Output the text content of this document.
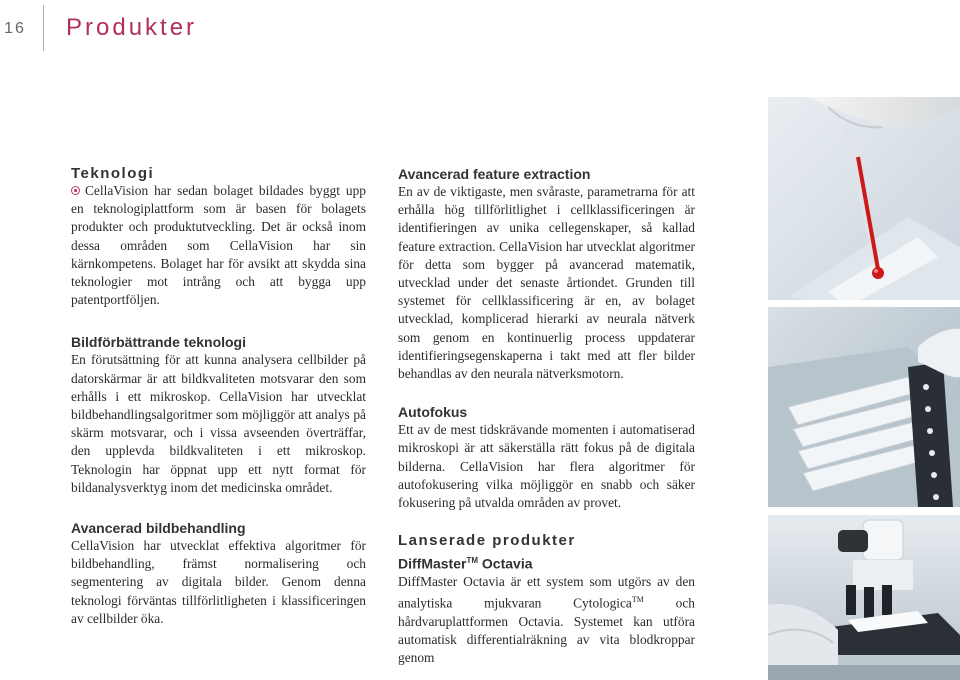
16 Produkter
Teknologi

CellaVision har sedan bolaget bildades byggt upp en teknologiplattform som är basen för bolagets produkter och produktutveckling. Det är också inom dessa områden som CellaVision har sin kärnkompetens. Bolaget har för avsikt att skydda sina teknologier mot intrång och att bygga upp patentportföljen.

Bildförbättrande teknologi

En förutsättning för att kunna analysera cellbilder på datorskärmar är att bildkvaliteten motsvarar den som erhålls i ett mikroskop. CellaVision har utvecklat bildbehandlingsalgoritmer som möjliggör att analys på skärm motsvarar, och i vissa avseenden överträffar, den upplevda bildkvaliteten i ett mikroskop. Teknologin har öppnat upp ett nytt format för bildanalysverktyg inom det medicinska området.

Avancerad bildbehandling

CellaVision har utvecklat effektiva algoritmer för bildbehandling, främst normalisering och segmentering av digitala bilder. Genom denna teknologi förväntas tillförlitligheten i klassificeringen av cellbilder öka.

Avancerad feature extraction

En av de viktigaste, men svåraste, parametrarna för att erhålla hög tillförlitlighet i cellklassificeringen är identifieringen av unika cellegenskaper, så kallad feature extraction. CellaVision har utvecklat algoritmer för detta som bygger på avancerad matematik, utvecklad under det senaste årtiondet. Grunden till systemet för cellklassificering är en, av bolaget utvecklad, komplicerad hierarki av neurala nätverk som genom en kontinuerlig process uppdaterar identifieringsegenskaperna i takt med att fler bilder behandlas av den neurala nätverksmotorn.

Autofokus

Ett av de mest tidskrävande momenten i automatiserad mikroskopi är att säkerställa rätt fokus på de digitala bilderna. CellaVision har flera algoritmer för autofokusering vilka möjliggör en snabb och säker fokusering på utvalda områden av provet.

Lanserade produkter
DiffMaster™ Octavia

DiffMaster Octavia är ett system som utgörs av den analytiska mjukvaran Cytologica™ och hårdvaruplattformen Octavia. Systemet kan utföra automatisk differentialräkning av vita blodkroppar genom
